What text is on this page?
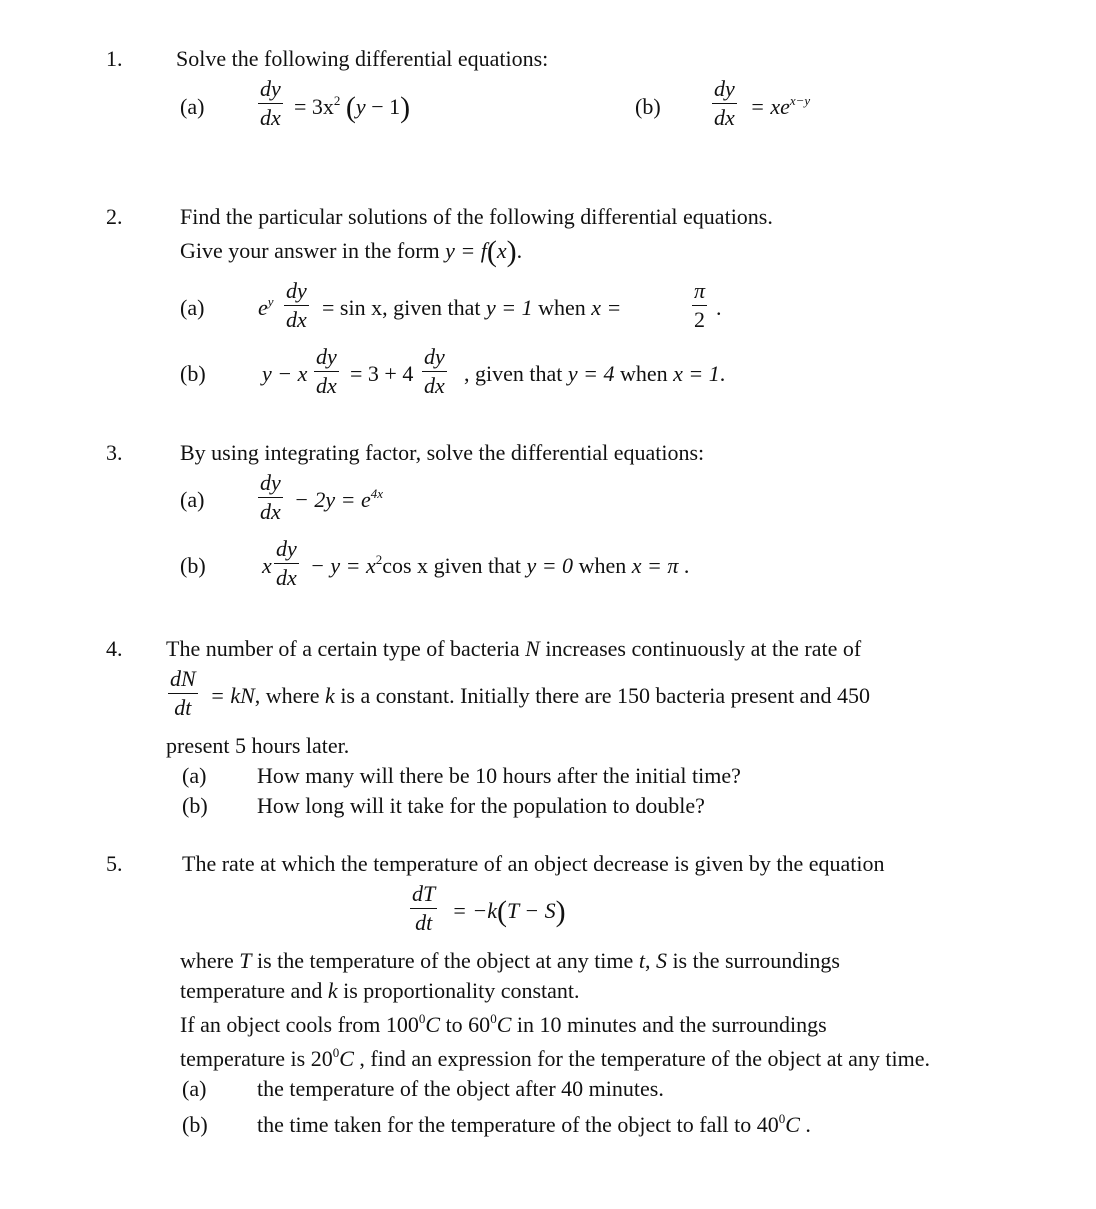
1. Solve the following differential equations:
$(a) \frac{dy}{dx} = 3x^2$ (y − 1)	$(b) \frac{dy}{dx} = xe^{x-y}$
2.	Find the particular solutions of the following differential equations.
Give your answer in the form y = f(x).
(a) $e^y \frac{dy}{dx} = \sin x$, given that y = 1 when x =	$\frac{\pi}{2}$ .
(b)	y − x $\frac{dy}{dx} = 3 + 4 \frac{dy}{dx}$ , given that y = 4 when x = 1.
3.	By using integrating factor, solve the differential equations:
$(a) \frac{dy}{dx} - 2y = e^{4x}$
(b)	x $\frac{dy}{dx} - y = x^2\cos$ x given that y = 0 when x = π .
4. The number of a certain type of bacteria N increases continuously at the rate of
$\frac{dN}{dt}$ = kN, where k is a constant. Initially there are 150 bacteria present and 450
present 5 hours later.
(a) How many will there be 10 hours after the initial time?
(b) How long will it take for the population to double?
5.	The rate at which the temperature of an object decrease is given by the equation
$\frac{dT}{dt} = -k(T - S)$
where T is the temperature of the object at any time t, S is the surroundings
temperature and k is proportionality constant.
If an object cools from $100^0C$ to $60^0C$ in 10 minutes and the surroundings
temperature is $20^0C$ , find an expression for the temperature of the object at any time.
(a) the temperature of the object after 40 minutes.
(b) the time taken for the temperature of the object to fall to $40^0C$ .
